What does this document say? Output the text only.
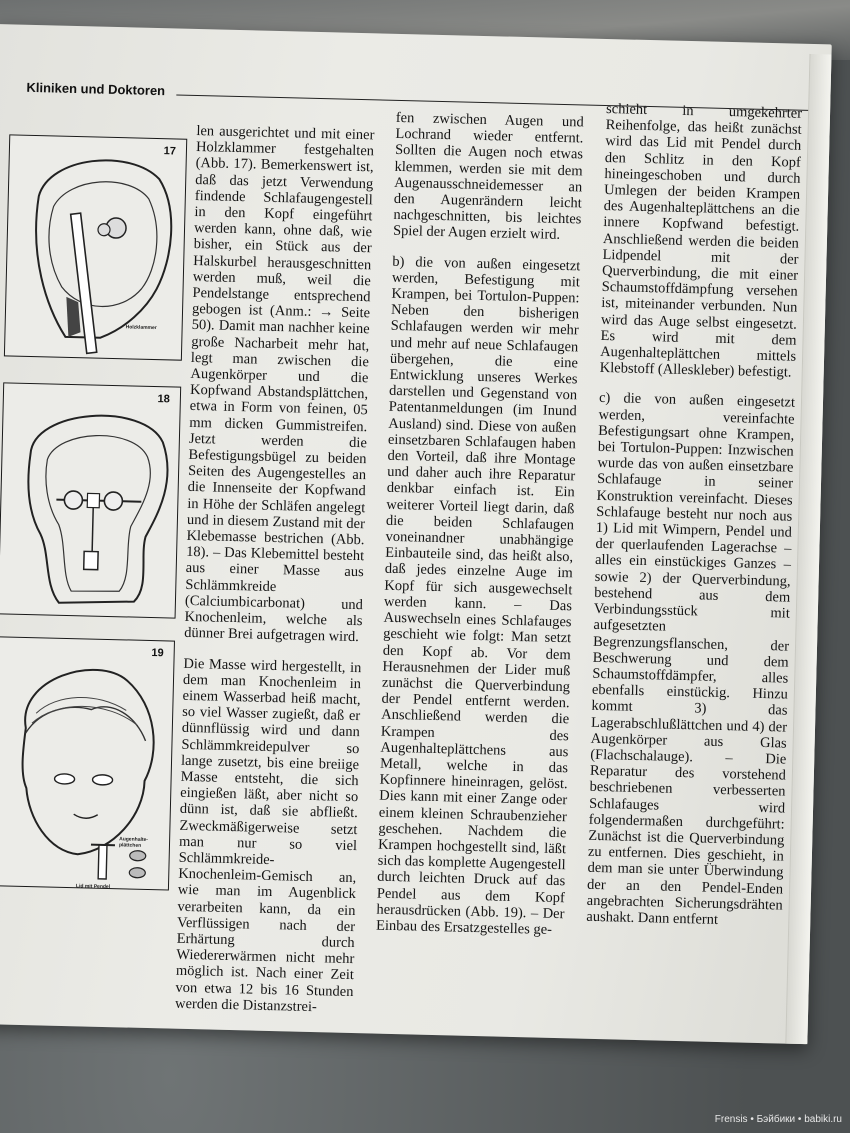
Kliniken und Doktoren
17
Holzklammer
18
19
Augenhalte-
plättchen
Lid mit Pendel

len ausgerichtet und mit einer Holzklammer festgehalten (Abb. 17). Bemerkenswert ist, daß das jetzt Verwendung findende Schlafaugengestell in den Kopf eingeführt werden kann, ohne daß, wie bisher, ein Stück aus der Halskurbel herausgeschnitten werden muß, weil die Pendelstange entsprechend gebogen ist (Anm.: → Seite 50). Damit man nachher keine große Nacharbeit mehr hat, legt man zwischen die Augenkörper und die Kopfwand Abstandsplättchen, etwa in Form von feinen, 05 mm dicken Gummistreifen. Jetzt werden die Befestigungsbügel zu beiden Seiten des Augengestelles an die Innenseite der Kopfwand in Höhe der Schläfen angelegt und in diesem Zustand mit der Klebemasse bestrichen (Abb. 18). – Das Klebemittel besteht aus einer Masse aus Schlämmkreide (Calciumbicarbonat) und Knochenleim, welche als dünner Brei aufgetragen wird.

Die Masse wird hergestellt, in dem man Knochenleim in einem Wasserbad heiß macht, so viel Wasser zugießt, daß er dünnflüssig wird und dann Schlämmkreidepulver so lange zusetzt, bis eine breiige Masse entsteht, die sich eingießen läßt, aber nicht so dünn ist, daß sie abfließt. Zweckmäßigerweise setzt man nur so viel Schlämmkreide-Knochenleim-Gemisch an, wie man im Augenblick verarbeiten kann, da ein Verflüssigen nach der Erhärtung durch Wiedererwärmen nicht mehr möglich ist. Nach einer Zeit von etwa 12 bis 16 Stunden werden die Distanzstrei-

fen zwischen Augen und Lochrand wieder entfernt. Sollten die Augen noch etwas klemmen, werden sie mit dem Augenausschneidemesser an den Augenrändern leicht nachgeschnitten, bis leichtes Spiel der Augen erzielt wird.

b) die von außen eingesetzt werden, Befestigung mit Krampen, bei Tortulon-Puppen: Neben den bisherigen Schlafaugen werden wir mehr und mehr auf neue Schlafaugen übergehen, die eine Entwicklung unseres Werkes darstellen und Gegenstand von Patentanmeldungen (im Inund Ausland) sind. Diese von außen einsetzbaren Schlafaugen haben den Vorteil, daß ihre Montage und daher auch ihre Reparatur denkbar einfach ist. Ein weiterer Vorteil liegt darin, daß die beiden Schlafaugen voneinandner unabhängige Einbauteile sind, das heißt also, daß jedes einzelne Auge im Kopf für sich ausgewechselt werden kann. – Das Auswechseln eines Schlafauges geschieht wie folgt: Man setzt den Kopf ab. Vor dem Herausnehmen der Lider muß zunächst die Querverbindung der Pendel entfernt werden. Anschließend werden die Krampen des Augenhalteplättchens aus Metall, welche in das Kopfinnere hineinragen, gelöst. Dies kann mit einer Zange oder einem kleinen Schraubenzieher geschehen. Nachdem die Krampen hochgestellt sind, läßt sich das komplette Augengestell durch leichten Druck auf das Pendel aus dem Kopf herausdrücken (Abb. 19). – Der Einbau des Ersatzgestelles ge-

schieht in umgekehrter Reihenfolge, das heißt zunächst wird das Lid mit Pendel durch den Schlitz in den Kopf hineingeschoben und durch Umlegen der beiden Krampen des Augenhalteplättchens an die innere Kopfwand befestigt. Anschließend werden die beiden Lidpendel mit der Querverbindung, die mit einer Schaumstoffdämpfung versehen ist, miteinander verbunden. Nun wird das Auge selbst eingesetzt. Es wird mit dem Augenhalteplättchen mittels Klebstoff (Alleskleber) befestigt.

c) die von außen eingesetzt werden, vereinfachte Befestigungsart ohne Krampen, bei Tortulon-Puppen: Inzwischen wurde das von außen einsetzbare Schlafauge in seiner Konstruktion vereinfacht. Dieses Schlafauge besteht nur noch aus 1) Lid mit Wimpern, Pendel und der querlaufenden Lagerachse – alles ein einstückiges Ganzes – sowie 2) der Querverbindung, bestehend aus dem Verbindungsstück mit aufgesetzten Begrenzungsflanschen, der Beschwerung und dem Schaumstoffdämpfer, alles ebenfalls einstückig. Hinzu kommt 3) das Lagerabschlußlättchen und 4) der Augenkörper aus Glas (Flachschalauge). – Die Reparatur des vorstehend beschriebenen verbesserten Schlafauges wird folgendermaßen durchgeführt: Zunächst ist die Querverbindung zu entfernen. Dies geschieht, in dem man sie unter Überwindung der an den Pendel-Enden angebrachten Sicherungsdrähten aushakt. Dann entfernt

Frensis • Бэйбики • babiki.ru
